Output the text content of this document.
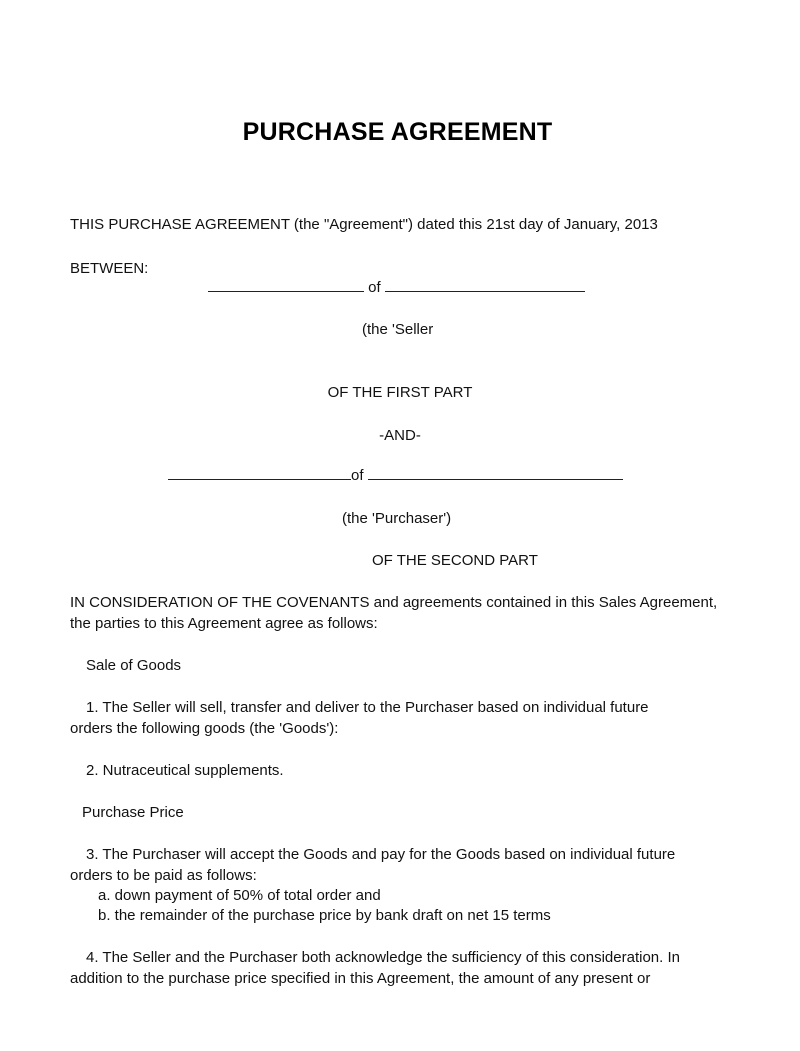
PURCHASE AGREEMENT
THIS PURCHASE AGREEMENT (the "Agreement") dated this 21st day of January, 2013
BETWEEN:
of
(the 'Seller
OF THE FIRST PART
-AND-
of
(the 'Purchaser')
OF THE SECOND PART
IN CONSIDERATION OF THE COVENANTS and agreements contained in this Sales Agreement,
the parties to this Agreement agree as follows:
Sale of Goods
1. The Seller will sell, transfer and deliver to the Purchaser based on individual future
orders the following goods (the 'Goods'):
2. Nutraceutical supplements.
Purchase Price
3. The Purchaser will accept the Goods and pay for the Goods based on individual future
orders to be paid as follows:
a. down payment of 50% of total order and
b. the remainder of the purchase price by bank draft on net 15 terms
4. The Seller and the Purchaser both acknowledge the sufficiency of this consideration. In
addition to the purchase price specified in this Agreement, the amount of any present or
